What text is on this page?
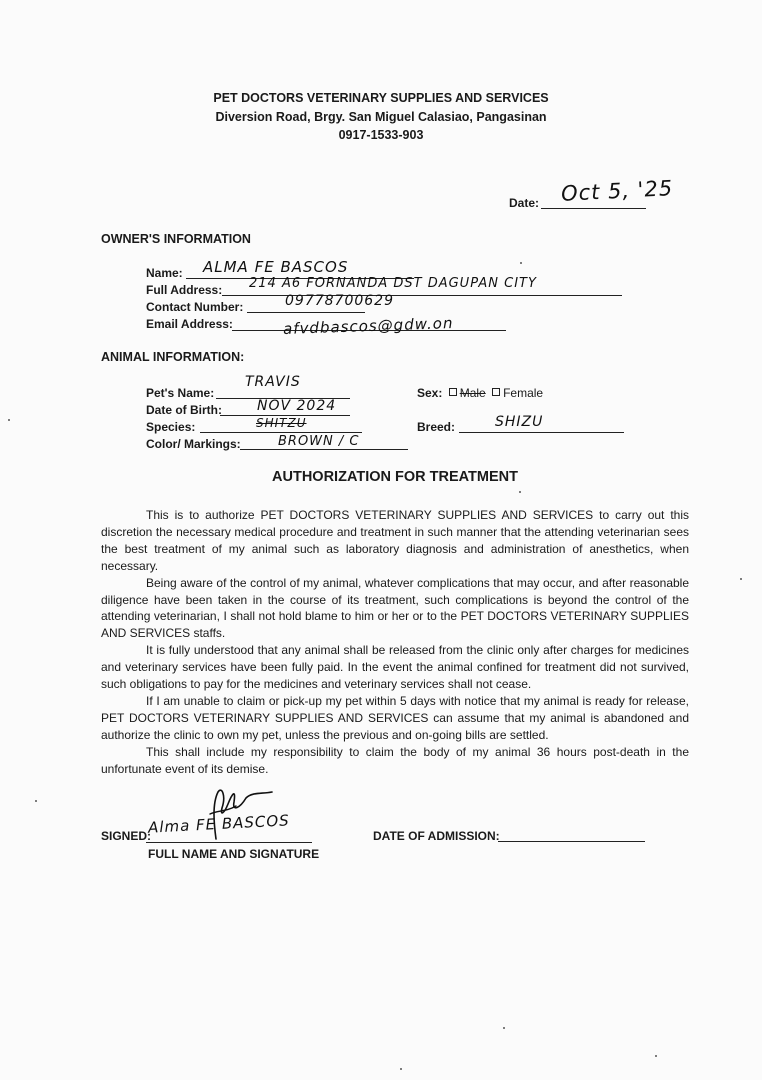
PET DOCTORS VETERINARY SUPPLIES AND SERVICES
Diversion Road, Brgy. San Miguel Calasiao, Pangasinan
0917-1533-903
Date: Oct 5, '25
OWNER'S INFORMATION
Name: ALMA FE BASCOS
Full Address: 214 A6 FORNANDA DST DAGUPAN CITY
Contact Number:	09778700629
Email Address:	afvdbascos@gdw.on
ANIMAL INFORMATION:
Pet's Name:
TRAVIS
Date of Birth:	NOV 2024
Species:	SHITZU
Color/ Markings:	BROWN / C
Sex: Male Female
Breed:	SHIZU
AUTHORIZATION FOR TREATMENT

This is to authorize PET DOCTORS VETERINARY SUPPLIES AND SERVICES to carry out this discretion the necessary medical procedure and treatment in such manner that the attending veterinarian sees the best treatment of my animal such as laboratory diagnosis and administration of anesthetics, when necessary.

Being aware of the control of my animal, whatever complications that may occur, and after reasonable diligence have been taken in the course of its treatment, such complications is beyond the control of the attending veterinarian, I shall not hold blame to him or her or to the PET DOCTORS VETERINARY SUPPLIES AND SERVICES staffs.

It is fully understood that any animal shall be released from the clinic only after charges for medicines and veterinary services have been fully paid. In the event the animal confined for treatment did not survived, such obligations to pay for the medicines and veterinary services shall not cease.

If I am unable to claim or pick-up my pet within 5 days with notice that my animal is ready for release, PET DOCTORS VETERINARY SUPPLIES AND SERVICES can assume that my animal is abandoned and authorize the clinic to own my pet, unless the previous and on-going bills are settled.

This shall include my responsibility to claim the body of my animal 36 hours post-death in the unfortunate event of its demise.

SIGNED:
Alma FE BASCOS
FULL NAME AND SIGNATURE
DATE OF ADMISSION:
